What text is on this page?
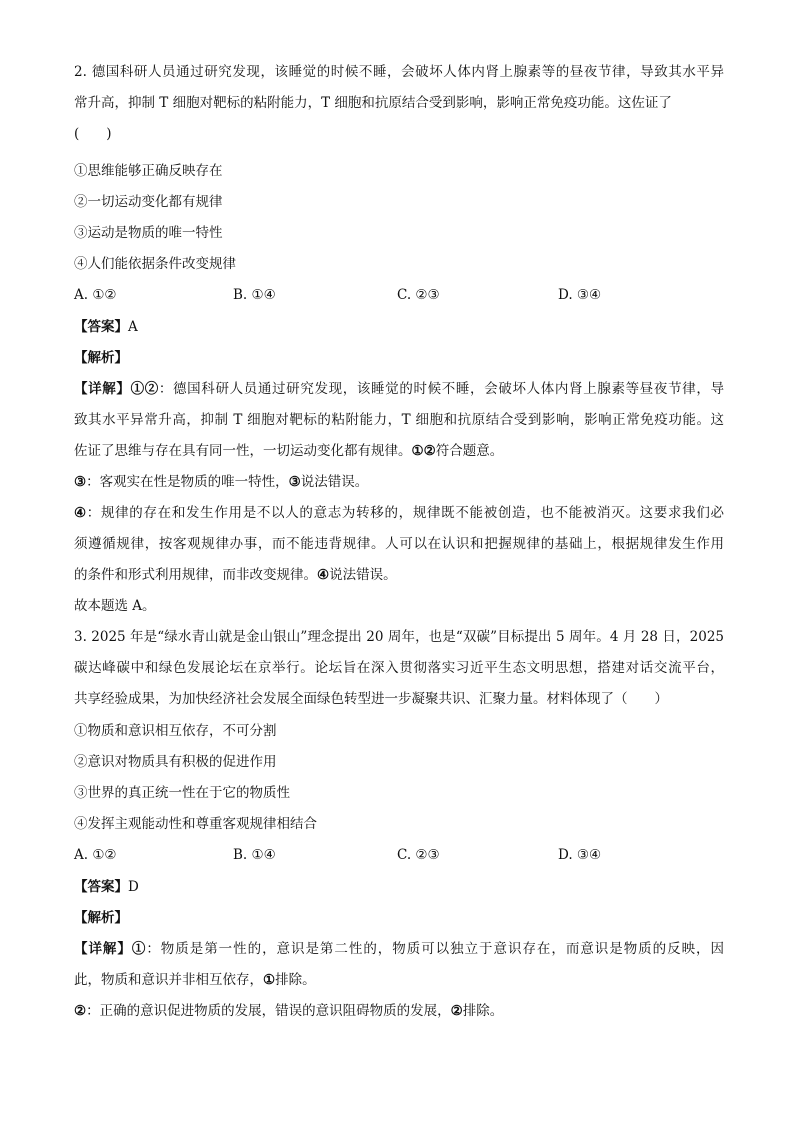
2. 德国科研人员通过研究发现，该睡觉的时候不睡，会破坏人体内肾上腺素等的昼夜节律，导致其水平异
常升高，抑制 T 细胞对靶标的粘附能力，T 细胞和抗原结合受到影响，影响正常免疫功能。这佐证了
(　　)
①思维能够正确反映存在
②一切运动变化都有规律
③运动是物质的唯一特性
④人们能依据条件改变规律
A. ①②	B. ①④	C. ②③	D. ③④
【答案】A
【解析】
【详解】①②：德国科研人员通过研究发现，该睡觉的时候不睡，会破坏人体内肾上腺素等昼夜节律，导
致其水平异常升高，抑制 T 细胞对靶标的粘附能力，T 细胞和抗原结合受到影响，影响正常免疫功能。这
佐证了思维与存在具有同一性，一切运动变化都有规律。①②符合题意。
③：客观实在性是物质的唯一特性，③说法错误。
④：规律的存在和发生作用是不以人的意志为转移的，规律既不能被创造，也不能被消灭。这要求我们必
须遵循规律，按客观规律办事，而不能违背规律。人可以在认识和把握规律的基础上，根据规律发生作用
的条件和形式利用规律，而非改变规律。④说法错误。
故本题选 A。
3. 2025 年是“绿水青山就是金山银山”理念提出 20 周年，也是“双碳”目标提出 5 周年。4 月 28 日，2025
碳达峰碳中和绿色发展论坛在京举行。论坛旨在深入贯彻落实习近平生态文明思想，搭建对话交流平台，
共享经验成果，为加快经济社会发展全面绿色转型进一步凝聚共识、汇聚力量。材料体现了（　　）
①物质和意识相互依存，不可分割
②意识对物质具有积极的促进作用
③世界的真正统一性在于它的物质性
④发挥主观能动性和尊重客观规律相结合
A. ①②	B. ①④	C. ②③	D. ③④
【答案】D
【解析】
【详解】①：物质是第一性的，意识是第二性的，物质可以独立于意识存在，而意识是物质的反映，因
此，物质和意识并非相互依存，①排除。
②：正确的意识促进物质的发展，错误的意识阻碍物质的发展，②排除。
